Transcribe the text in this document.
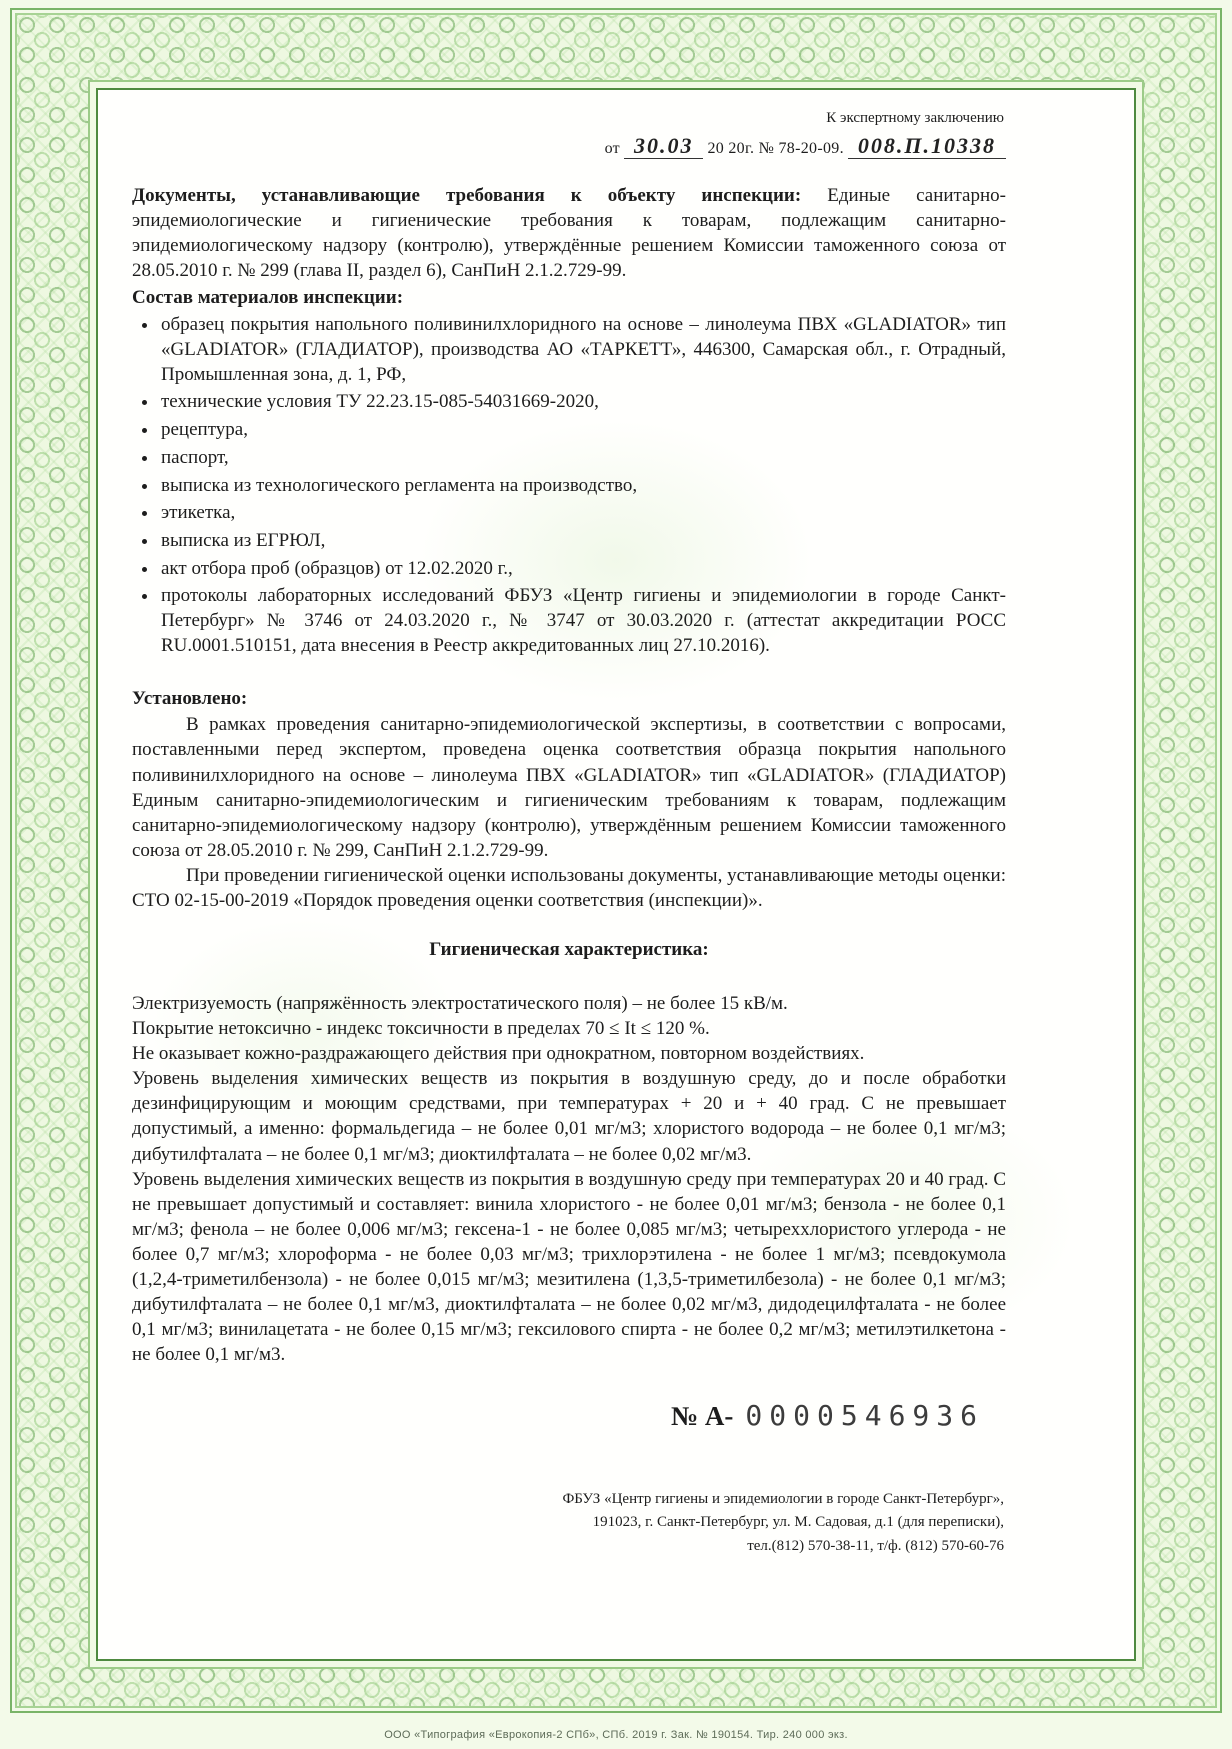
К экспертному заключению
от 30.03 20 20г. № 78-20-09. 008.П.10338

Документы, устанавливающие требования к объекту инспекции: Единые санитарно-эпидемиологические и гигиенические требования к товарам, подлежащим санитарно-эпидемиологическому надзору (контролю), утверждённые решением Комиссии таможенного союза от 28.05.2010 г. № 299 (глава II, раздел 6), СанПиН 2.1.2.729-99.

Состав материалов инспекции:

• образец покрытия напольного поливинилхлоридного на основе – линолеума ПВХ «GLADIATOR» тип «GLADIATOR» (ГЛАДИАТОР), производства АО «ТАРКЕТТ», 446300, Самарская обл., г. Отрадный, Промышленная зона, д. 1, РФ,
• технические условия ТУ 22.23.15-085-54031669-2020,
• рецептура,
• паспорт,
• выписка из технологического регламента на производство,
• этикетка,
• выписка из ЕГРЮЛ,
• акт отбора проб (образцов) от 12.02.2020 г.,
• протоколы лабораторных исследований ФБУЗ «Центр гигиены и эпидемиологии в городе Санкт-Петербург» № 3746 от 24.03.2020 г., № 3747 от 30.03.2020 г. (аттестат аккредитации РОСС RU.0001.510151, дата внесения в Реестр аккредитованных лиц 27.10.2016).

Установлено:

В рамках проведения санитарно-эпидемиологической экспертизы, в соответствии с вопросами, поставленными перед экспертом, проведена оценка соответствия образца покрытия напольного поливинилхлоридного на основе – линолеума ПВХ «GLADIATOR» тип «GLADIATOR» (ГЛАДИАТОР) Единым санитарно-эпидемиологическим и гигиеническим требованиям к товарам, подлежащим санитарно-эпидемиологическому надзору (контролю), утверждённым решением Комиссии таможенного союза от 28.05.2010 г. № 299, СанПиН 2.1.2.729-99.

При проведении гигиенической оценки использованы документы, устанавливающие методы оценки: СТО 02-15-00-2019 «Порядок проведения оценки соответствия (инспекции)».

Гигиеническая характеристика:

Электризуемость (напряжённость электростатического поля) – не более 15 кВ/м.

Покрытие нетоксично - индекс токсичности в пределах 70 ≤ It ≤ 120 %.

Не оказывает кожно-раздражающего действия при однократном, повторном воздействиях.

Уровень выделения химических веществ из покрытия в воздушную среду, до и после обработки дезинфицирующим и моющим средствами, при температурах + 20 и + 40 град. С не превышает допустимый, а именно: формальдегида – не более 0,01 мг/м3; хлористого водорода – не более 0,1 мг/м3; дибутилфталата – не более 0,1 мг/м3; диоктилфталата – не более 0,02 мг/м3.

Уровень выделения химических веществ из покрытия в воздушную среду при температурах 20 и 40 град. С не превышает допустимый и составляет: винила хлористого - не более 0,01 мг/м3; бензола - не более 0,1 мг/м3; фенола – не более 0,006 мг/м3; гексена-1 - не более 0,085 мг/м3; четыреххлористого углерода - не более 0,7 мг/м3; хлороформа - не более 0,03 мг/м3; трихлорэтилена - не более 1 мг/м3; псевдокумола (1,2,4-триметилбензола) - не более 0,015 мг/м3; мезитилена (1,3,5-триметилбезола) - не более 0,1 мг/м3; дибутилфталата – не более 0,1 мг/м3, диоктилфталата – не более 0,02 мг/м3, дидодецилфталата - не более 0,1 мг/м3; винилацетата - не более 0,15 мг/м3; гексилового спирта - не более 0,2 мг/м3; метилэтилкетона - не более 0,1 мг/м3.

№ А- 0000546936
ФБУЗ «Центр гигиены и эпидемиологии в городе Санкт-Петербург»,
191023, г. Санкт-Петербург, ул. М. Садовая, д.1 (для переписки),
тел.(812) 570-38-11, т/ф. (812) 570-60-76
ООО «Типография «Еврокопия-2 СПб», СПб. 2019 г. Зак. № 190154. Тир. 240 000 экз.
